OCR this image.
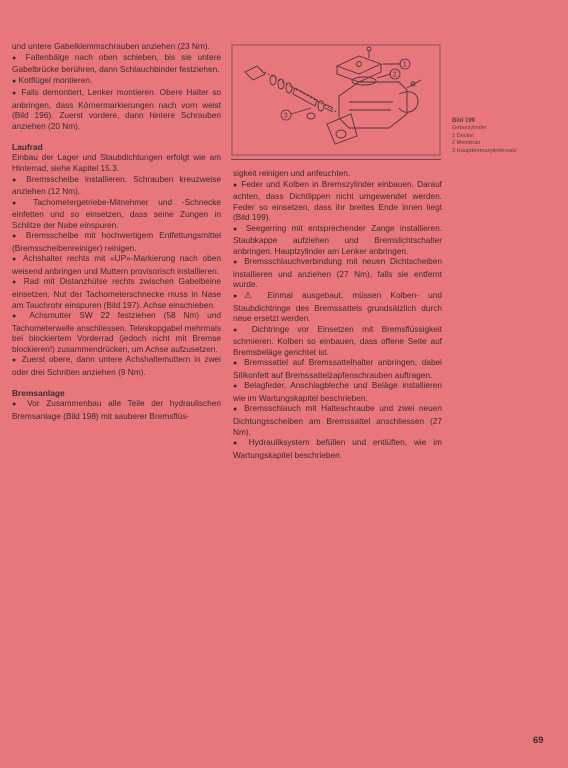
und untere Gabelklemmschrauben anziehen (23 Nm).

● Faltenbälge nach oben schieben, bis sie untere Gabelbrücke berühren, dann Schlauchbinder festziehen.

● Kotflügel montieren.

● Falls demontiert, Lenker montieren. Obere Halter so anbringen, dass Körnermarkierungen nach vorn weist (Bild 196). Zuerst vordere, dann hintere Schrauben anziehen (20 Nm).

Laufrad

Einbau der Lager und Staubdichtungen erfolgt wie am Hinterrad, siehe Kapitel 15.3.

● Bremsscheibe installieren. Schrauben kreuzweise anziehen (12 Nm).

● Tachometergetriebe-Mitnehmer und -Schnecke einfetten und so einsetzen, dass seine Zungen in Schlitze der Nabe einspuren.

● Bremsscheibe mit hochwertigem Entfettungsmittel (Bremsscheibenreiniger) reinigen.

● Achshalter rechts mit «UP»-Markierung nach oben weisend anbringen und Muttern provisorisch installieren.

● Rad mit Distanzhülse rechts zwischen Gabelbeine einsetzen. Nut der Tachometerschnecke muss in Nase am Tauchrohr einspuren (Bild 197). Achse einschieben.

● Achsmutter SW 22 festziehen (58 Nm) und Tachometerwelle anschliessen. Teleskopgabel mehrmals bei blockiertem Vorderrad (jedoch nicht mit Bremse blockieren!) zusammendrücken, um Achse aufzusetzen.

● Zuerst obere, dann untere Achshaltemuttern in zwei oder drei Schritten anziehen (9 Nm).

Bremsanlage

● Vor Zusammenbau alle Teile der hydraulischen Bremsanlage (Bild 198) mit sauberer Bremsflüs-

1
2
3
Bild 199
Geberzylinder
1 Deckel
2 Membran
3 Hauptbremszylindersatz

sigkeit reinigen und anfeuchten.

● Feder und Kolben in Bremszylinder einbauen. Darauf achten, dass Dichtlippen nicht umgewendet werden. Feder so einsetzen, dass ihr breites Ende innen liegt (Bild 199).

● Seegerring mit entsprechender Zange installieren. Staubkappe aufziehen und Bremslichtschalter anbringen. Hauptzylinder am Lenker anbringen.

● Bremsschlauchverbindung mit neuen Dichtscheiben installieren und anziehen (27 Nm), falls sie entfernt wurde.

●⚠ Einmal ausgebaut, müssen Kolben- und Staubdichtringe des Bremssattels grundsätzlich durch neue ersetzt werden.

● Dichtringe vor Einsetzen mit Bremsflüssigkeit schmieren. Kolben so einbauen, dass offene Seite auf Bremsbeläge gerichtet ist.

● Bremssattel auf Bremssattelhalter anbringen, dabei Silikonfett auf Bremssattelzapfenschrauben auftragen.

● Belagfeder, Anschlagbleche und Beläge installieren wie im Wartungskapitel beschrieben.

● Bremsschlauch mit Halteschraube und zwei neuen Dichtungsscheiben am Bremssattel anschliessen (27 Nm).

● Hydrauliksystem befüllen und entlüften, wie im Wartungskapitel beschrieben.

69
